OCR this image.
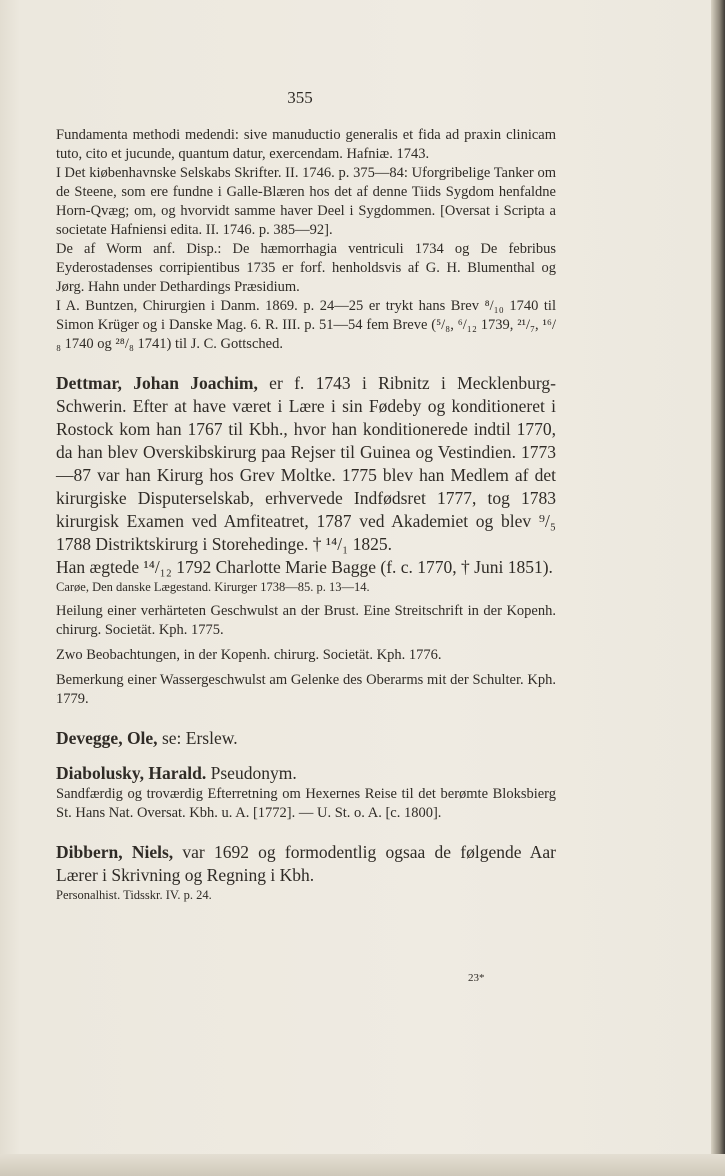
355

Fundamenta methodi medendi: sive manuductio generalis et fida ad praxin clinicam tuto, cito et jucunde, quantum datur, exercendam. Hafniæ. 1743.

I Det kiøbenhavnske Selskabs Skrifter. II. 1746. p. 375—84: Uforgribelige Tanker om de Steene, som ere fundne i Galle-Blæren hos det af denne Tiids Sygdom henfaldne Horn-Qvæg; om, og hvorvidt samme haver Deel i Sygdommen. [Oversat i Scripta a societate Hafniensi edita. II. 1746. p. 385—92].

De af Worm anf. Disp.: De hæmorrhagia ventriculi 1734 og De febribus Eyderostadenses corripientibus 1735 er forf. henholdsvis af G. H. Blumenthal og Jørg. Hahn under Dethardings Præsidium.

I A. Buntzen, Chirurgien i Danm. 1869. p. 24—25 er trykt hans Brev ⁸/₁₀ 1740 til Simon Krüger og i Danske Mag. 6. R. III. p. 51—54 fem Breve (⁵/₈, ⁶/₁₂ 1739, ²¹/₇, ¹⁶/₈ 1740 og ²⁸/₈ 1741) til J. C. Gottsched.

Dettmar, Johan Joachim, er f. 1743 i Ribnitz i Mecklenburg-Schwerin. Efter at have været i Lære i sin Fødeby og konditioneret i Rostock kom han 1767 til Kbh., hvor han konditionerede indtil 1770, da han blev Overskibskirurg paa Rejser til Guinea og Vestindien. 1773—87 var han Kirurg hos Grev Moltke. 1775 blev han Medlem af det kirurgiske Disputerselskab, erhvervede Indfødsret 1777, tog 1783 kirurgisk Examen ved Amfiteatret, 1787 ved Akademiet og blev ⁹/₅ 1788 Distriktskirurg i Storehedinge. † ¹⁴/₁ 1825.

Han ægtede ¹⁴/₁₂ 1792 Charlotte Marie Bagge (f. c. 1770, † Juni 1851).

Carøe, Den danske Lægestand. Kirurger 1738—85. p. 13—14.

Heilung einer verhärteten Geschwulst an der Brust. Eine Streitschrift in der Kopenh. chirurg. Societät. Kph. 1775.

Zwo Beobachtungen, in der Kopenh. chirurg. Societät. Kph. 1776.

Bemerkung einer Wassergeschwulst am Gelenke des Oberarms mit der Schulter. Kph. 1779.

Devegge, Ole, se: Erslew.

Diabolusky, Harald. Pseudonym.

Sandfærdig og troværdig Efterretning om Hexernes Reise til det berømte Bloksbierg St. Hans Nat. Oversat. Kbh. u. A. [1772]. — U. St. o. A. [c. 1800].

Dibbern, Niels, var 1692 og formodentlig ogsaa de følgende Aar Lærer i Skrivning og Regning i Kbh.

Personalhist. Tidsskr. IV. p. 24.

23*
